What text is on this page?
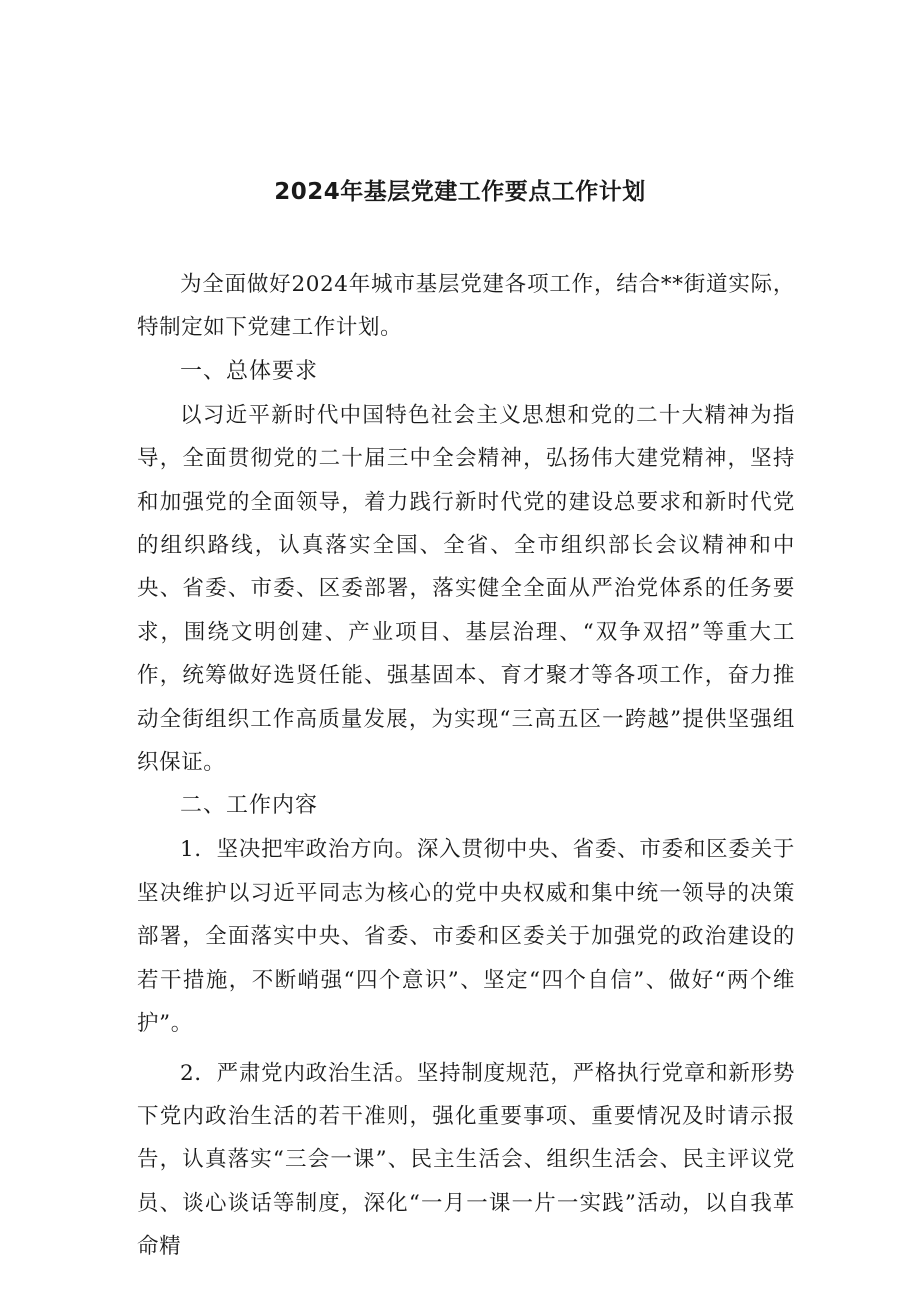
2024年基层党建工作要点工作计划

为全面做好2024年城市基层党建各项工作，结合**街道实际，特制定如下党建工作计划。

一、总体要求

以习近平新时代中国特色社会主义思想和党的二十大精神为指导，全面贯彻党的二十届三中全会精神，弘扬伟大建党精神，坚持和加强党的全面领导，着力践行新时代党的建设总要求和新时代党的组织路线，认真落实全国、全省、全市组织部长会议精神和中央、省委、市委、区委部署，落实健全全面从严治党体系的任务要求，围绕文明创建、产业项目、基层治理、“双争双招”等重大工作，统筹做好选贤任能、强基固本、育才聚才等各项工作，奋力推动全街组织工作高质量发展，为实现“三高五区一跨越”提供坚强组织保证。

二、工作内容

1．坚决把牢政治方向。深入贯彻中央、省委、市委和区委关于坚决维护以习近平同志为核心的党中央权威和集中统一领导的决策部署，全面落实中央、省委、市委和区委关于加强党的政治建设的若干措施，不断峭强“四个意识”、坚定“四个自信”、做好“两个维护”。

2．严肃党内政治生活。坚持制度规范，严格执行党章和新形势下党内政治生活的若干准则，强化重要事项、重要情况及时请示报告，认真落实“三会一课”、民主生活会、组织生活会、民主评议党员、谈心谈话等制度，深化“一月一课一片一实践”活动，以自我革命精
